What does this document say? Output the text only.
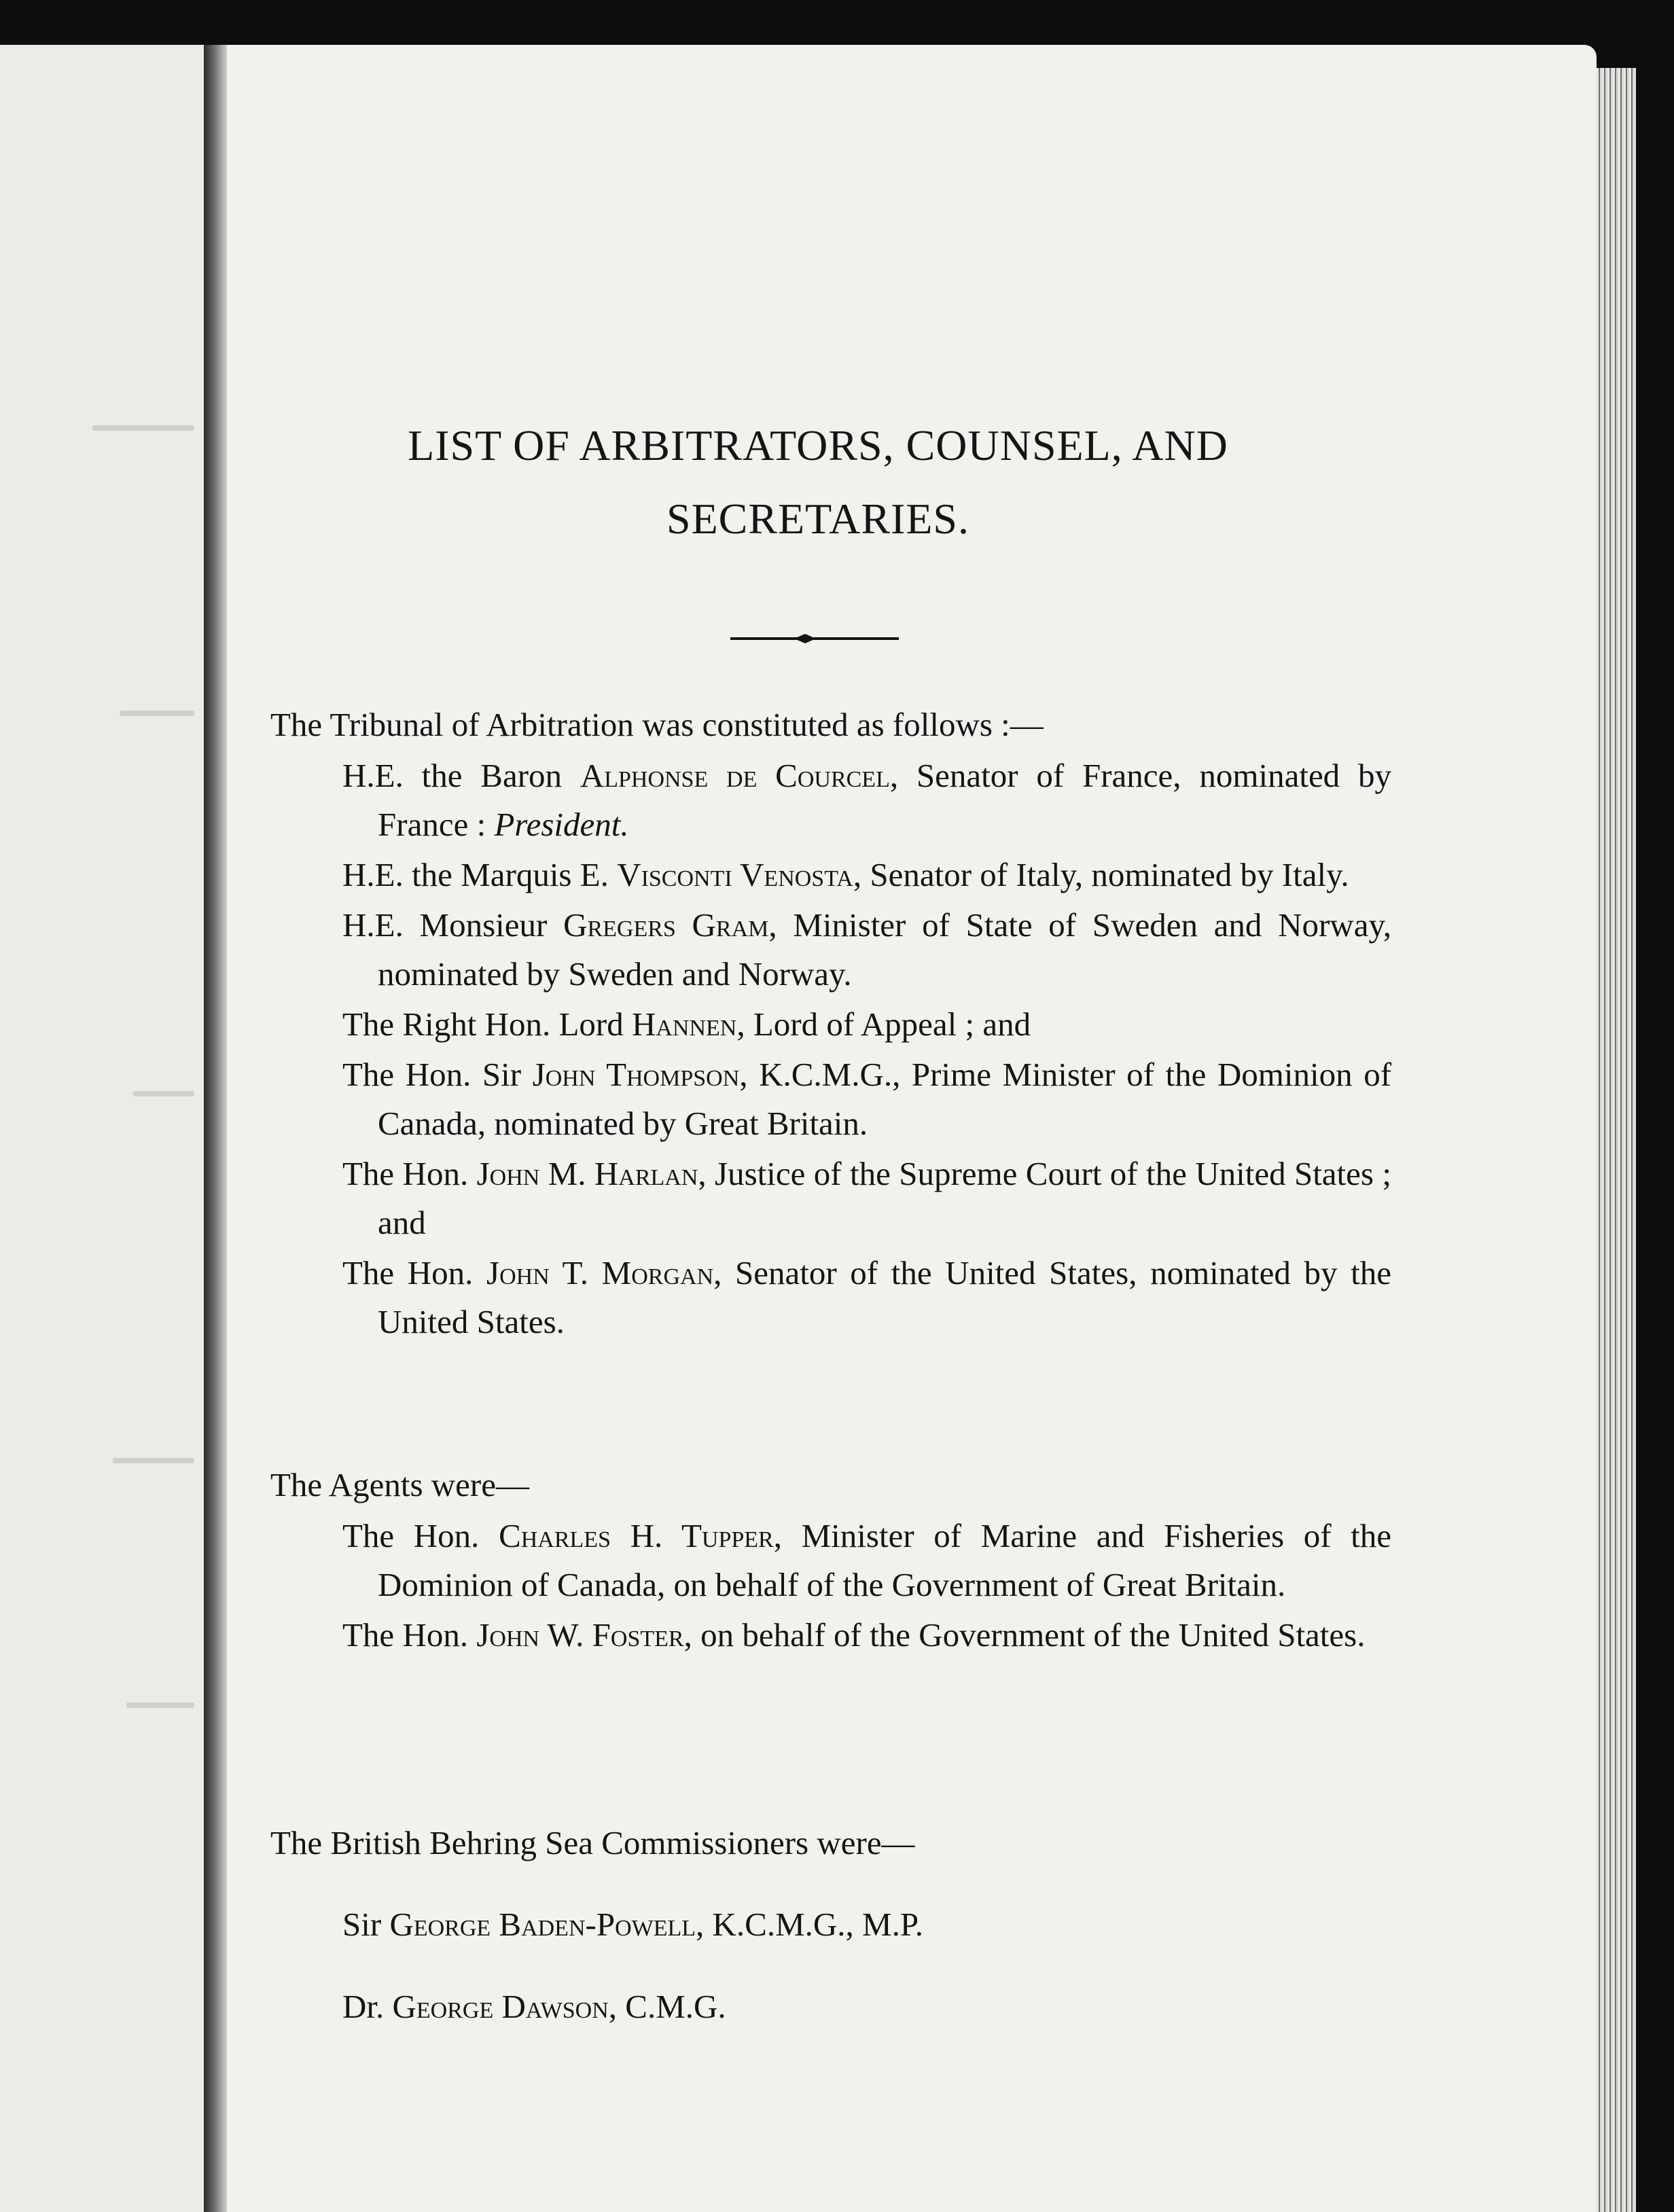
LIST OF ARBITRATORS, COUNSEL, AND
SECRETARIES.

The Tribunal of Arbitration was constituted as follows :—

H.E. the Baron Alphonse de Courcel, Senator of France, nominated by France : President.

H.E. the Marquis E. Visconti Venosta, Senator of Italy, nominated by Italy.

H.E. Monsieur Gregers Gram, Minister of State of Sweden and Norway, nominated by Sweden and Norway.

The Right Hon. Lord Hannen, Lord of Appeal ; and

The Hon. Sir John Thompson, K.C.M.G., Prime Minister of the Dominion of Canada, nominated by Great Britain.

The Hon. John M. Harlan, Justice of the Supreme Court of the United States ; and

The Hon. John T. Morgan, Senator of the United States, nominated by the United States.

The Agents were—

The Hon. Charles H. Tupper, Minister of Marine and Fisheries of the Dominion of Canada, on behalf of the Government of Great Britain.

The Hon. John W. Foster, on behalf of the Government of the United States.

The British Behring Sea Commissioners were—

Sir George Baden-Powell, K.C.M.G., M.P.

Dr. George Dawson, C.M.G.
